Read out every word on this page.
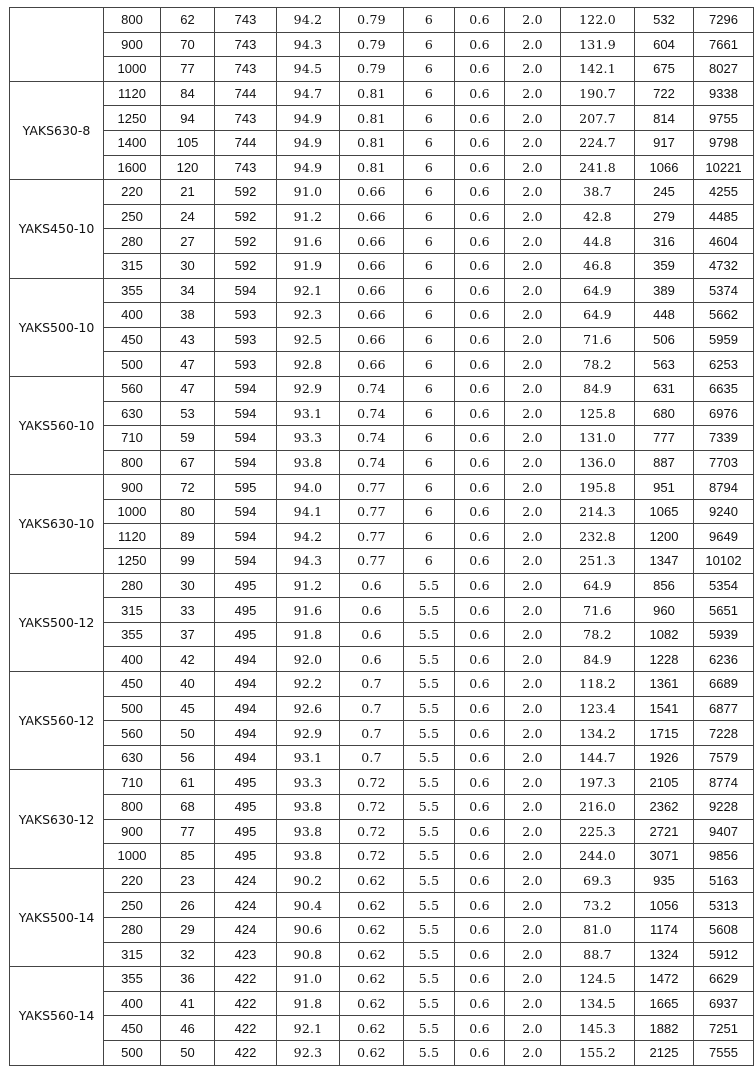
	800	62	743	94.2	0.79	6	0.6	2.0	122.0	532	7296
	900	70	743	94.3	0.79	6	0.6	2.0	131.9	604	7661
	1000	77	743	94.5	0.79	6	0.6	2.0	142.1	675	8027
YAKS630-8	1120	84	744	94.7	0.81	6	0.6	2.0	190.7	722	9338
	1250	94	743	94.9	0.81	6	0.6	2.0	207.7	814	9755
	1400	105	744	94.9	0.81	6	0.6	2.0	224.7	917	9798
	1600	120	743	94.9	0.81	6	0.6	2.0	241.8	1066	10221
YAKS450-10	220	21	592	91.0	0.66	6	0.6	2.0	38.7	245	4255
	250	24	592	91.2	0.66	6	0.6	2.0	42.8	279	4485
	280	27	592	91.6	0.66	6	0.6	2.0	44.8	316	4604
	315	30	592	91.9	0.66	6	0.6	2.0	46.8	359	4732
YAKS500-10	355	34	594	92.1	0.66	6	0.6	2.0	64.9	389	5374
	400	38	593	92.3	0.66	6	0.6	2.0	64.9	448	5662
	450	43	593	92.5	0.66	6	0.6	2.0	71.6	506	5959
	500	47	593	92.8	0.66	6	0.6	2.0	78.2	563	6253
YAKS560-10	560	47	594	92.9	0.74	6	0.6	2.0	84.9	631	6635
	630	53	594	93.1	0.74	6	0.6	2.0	125.8	680	6976
	710	59	594	93.3	0.74	6	0.6	2.0	131.0	777	7339
	800	67	594	93.8	0.74	6	0.6	2.0	136.0	887	7703
YAKS630-10	900	72	595	94.0	0.77	6	0.6	2.0	195.8	951	8794
	1000	80	594	94.1	0.77	6	0.6	2.0	214.3	1065	9240
	1120	89	594	94.2	0.77	6	0.6	2.0	232.8	1200	9649
	1250	99	594	94.3	0.77	6	0.6	2.0	251.3	1347	10102
YAKS500-12	280	30	495	91.2	0.6	5.5	0.6	2.0	64.9	856	5354
	315	33	495	91.6	0.6	5.5	0.6	2.0	71.6	960	5651
	355	37	495	91.8	0.6	5.5	0.6	2.0	78.2	1082	5939
	400	42	494	92.0	0.6	5.5	0.6	2.0	84.9	1228	6236
YAKS560-12	450	40	494	92.2	0.7	5.5	0.6	2.0	118.2	1361	6689
	500	45	494	92.6	0.7	5.5	0.6	2.0	123.4	1541	6877
	560	50	494	92.9	0.7	5.5	0.6	2.0	134.2	1715	7228
	630	56	494	93.1	0.7	5.5	0.6	2.0	144.7	1926	7579
YAKS630-12	710	61	495	93.3	0.72	5.5	0.6	2.0	197.3	2105	8774
	800	68	495	93.8	0.72	5.5	0.6	2.0	216.0	2362	9228
	900	77	495	93.8	0.72	5.5	0.6	2.0	225.3	2721	9407
	1000	85	495	93.8	0.72	5.5	0.6	2.0	244.0	3071	9856
YAKS500-14	220	23	424	90.2	0.62	5.5	0.6	2.0	69.3	935	5163
	250	26	424	90.4	0.62	5.5	0.6	2.0	73.2	1056	5313
	280	29	424	90.6	0.62	5.5	0.6	2.0	81.0	1174	5608
	315	32	423	90.8	0.62	5.5	0.6	2.0	88.7	1324	5912
YAKS560-14	355	36	422	91.0	0.62	5.5	0.6	2.0	124.5	1472	6629
	400	41	422	91.8	0.62	5.5	0.6	2.0	134.5	1665	6937
	450	46	422	92.1	0.62	5.5	0.6	2.0	145.3	1882	7251
	500	50	422	92.3	0.62	5.5	0.6	2.0	155.2	2125	7555
